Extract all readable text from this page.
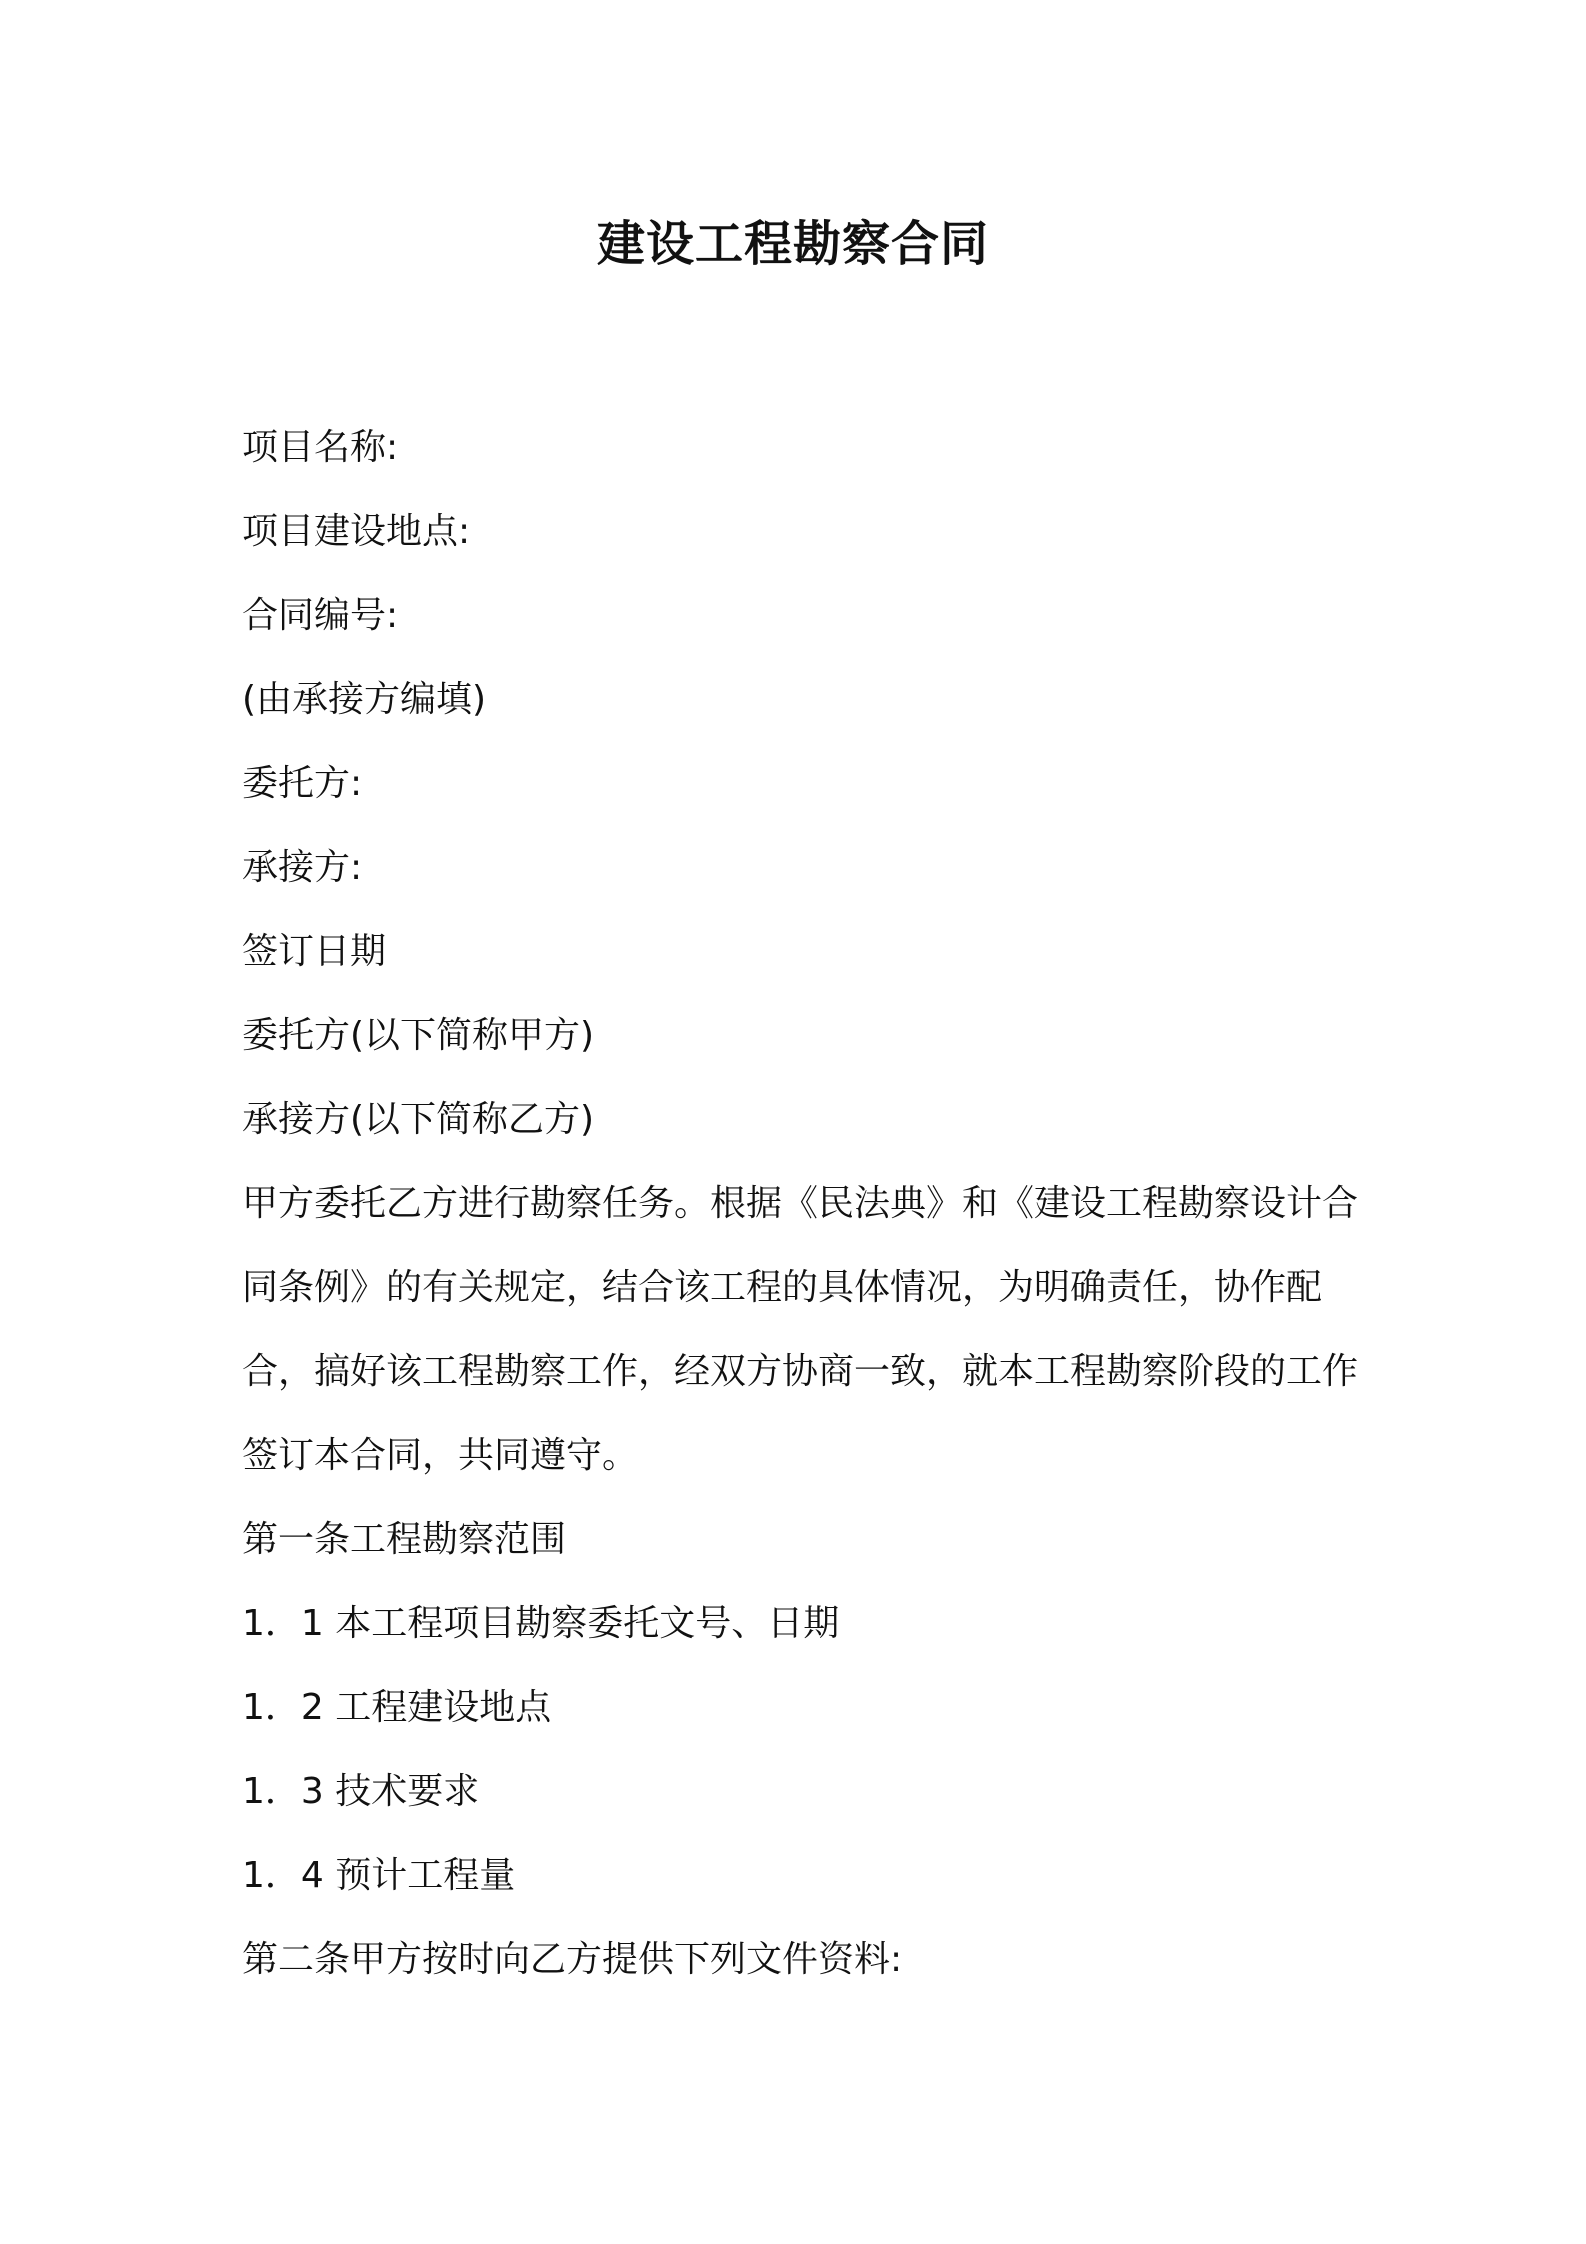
建设工程勘察合同
项目名称:
项目建设地点:
合同编号:
(由承接方编填)
委托方:
承接方:
签订日期
委托方(以下简称甲方)
承接方(以下简称乙方)
甲方委托乙方进行勘察任务。根据《民法典》和《建设工程勘察设计合同条例》的有关规定，结合该工程的具体情况，为明确责任，协作配合，搞好该工程勘察工作，经双方协商一致，就本工程勘察阶段的工作签订本合同，共同遵守。
第一条工程勘察范围
1．1 本工程项目勘察委托文号、日期
1．2 工程建设地点
1．3 技术要求
1．4 预计工程量
第二条甲方按时向乙方提供下列文件资料:
